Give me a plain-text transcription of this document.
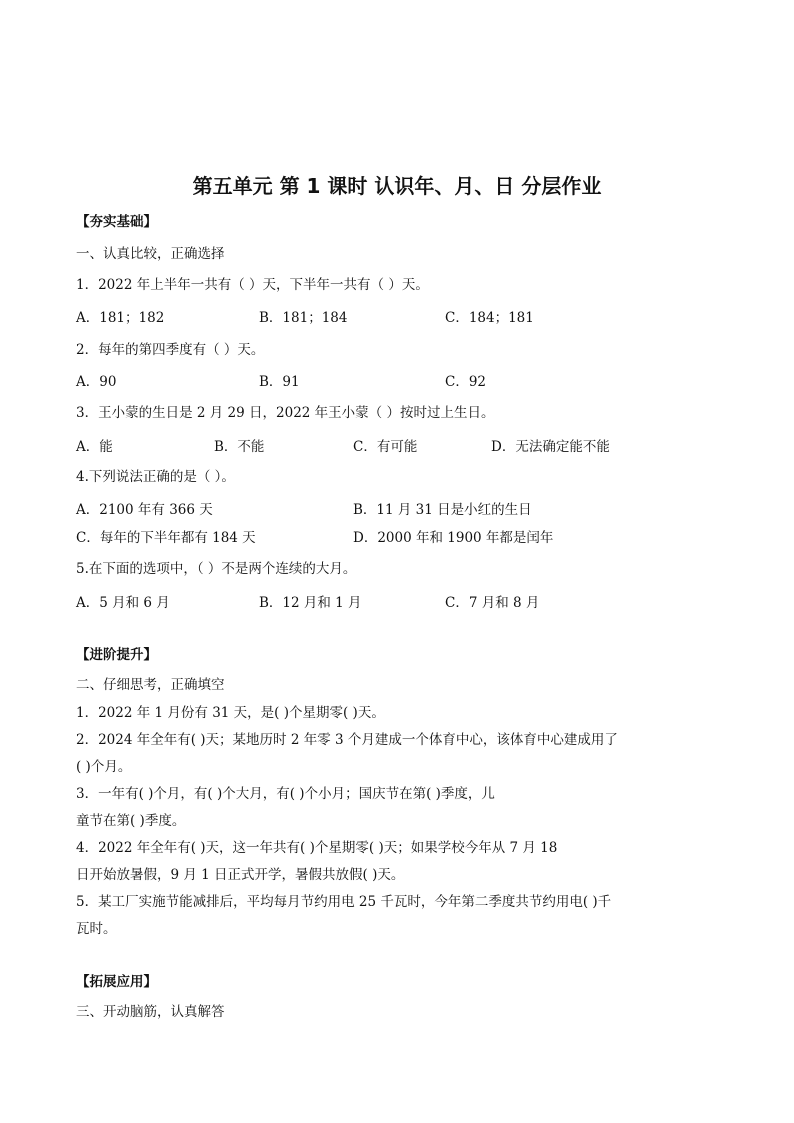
第五单元 第 1 课时 认识年、月、日 分层作业
【夯实基础】
一、认真比较，正确选择
1．2022 年上半年一共有（ ）天，下半年一共有（ ）天。
A．181；182	B．181；184	C．184；181
2．每年的第四季度有（ ）天。
A．90	B．91	C．92
3．王小蒙的生日是 2 月 29 日，2022 年王小蒙（ ）按时过上生日。
A．能	B．不能	C．有可能	D．无法确定能不能
4.下列说法正确的是（ ）。
A．2100 年有 366 天	B．11 月 31 日是小红的生日
C．每年的下半年都有 184 天	D．2000 年和 1900 年都是闰年
5.在下面的选项中，（ ）不是两个连续的大月。
A．5 月和 6 月	B．12 月和 1 月	C．7 月和 8 月
【进阶提升】
二、仔细思考，正确填空
1．2022 年 1 月份有 31 天，是( )个星期零( )天。
2．2024 年全年有( )天；某地历时 2 年零 3 个月建成一个体育中心，该体育中心建成用了
( )个月。
3．一年有( )个月，有( )个大月，有( )个小月；国庆节在第( )季度，儿
童节在第( )季度。
4．2022 年全年有( )天，这一年共有( )个星期零( )天；如果学校今年从 7 月 18
日开始放暑假，9 月 1 日正式开学，暑假共放假( )天。
5．某工厂实施节能减排后，平均每月节约用电 25 千瓦时，今年第二季度共节约用电( )千
瓦时。
【拓展应用】
三、开动脑筋，认真解答
